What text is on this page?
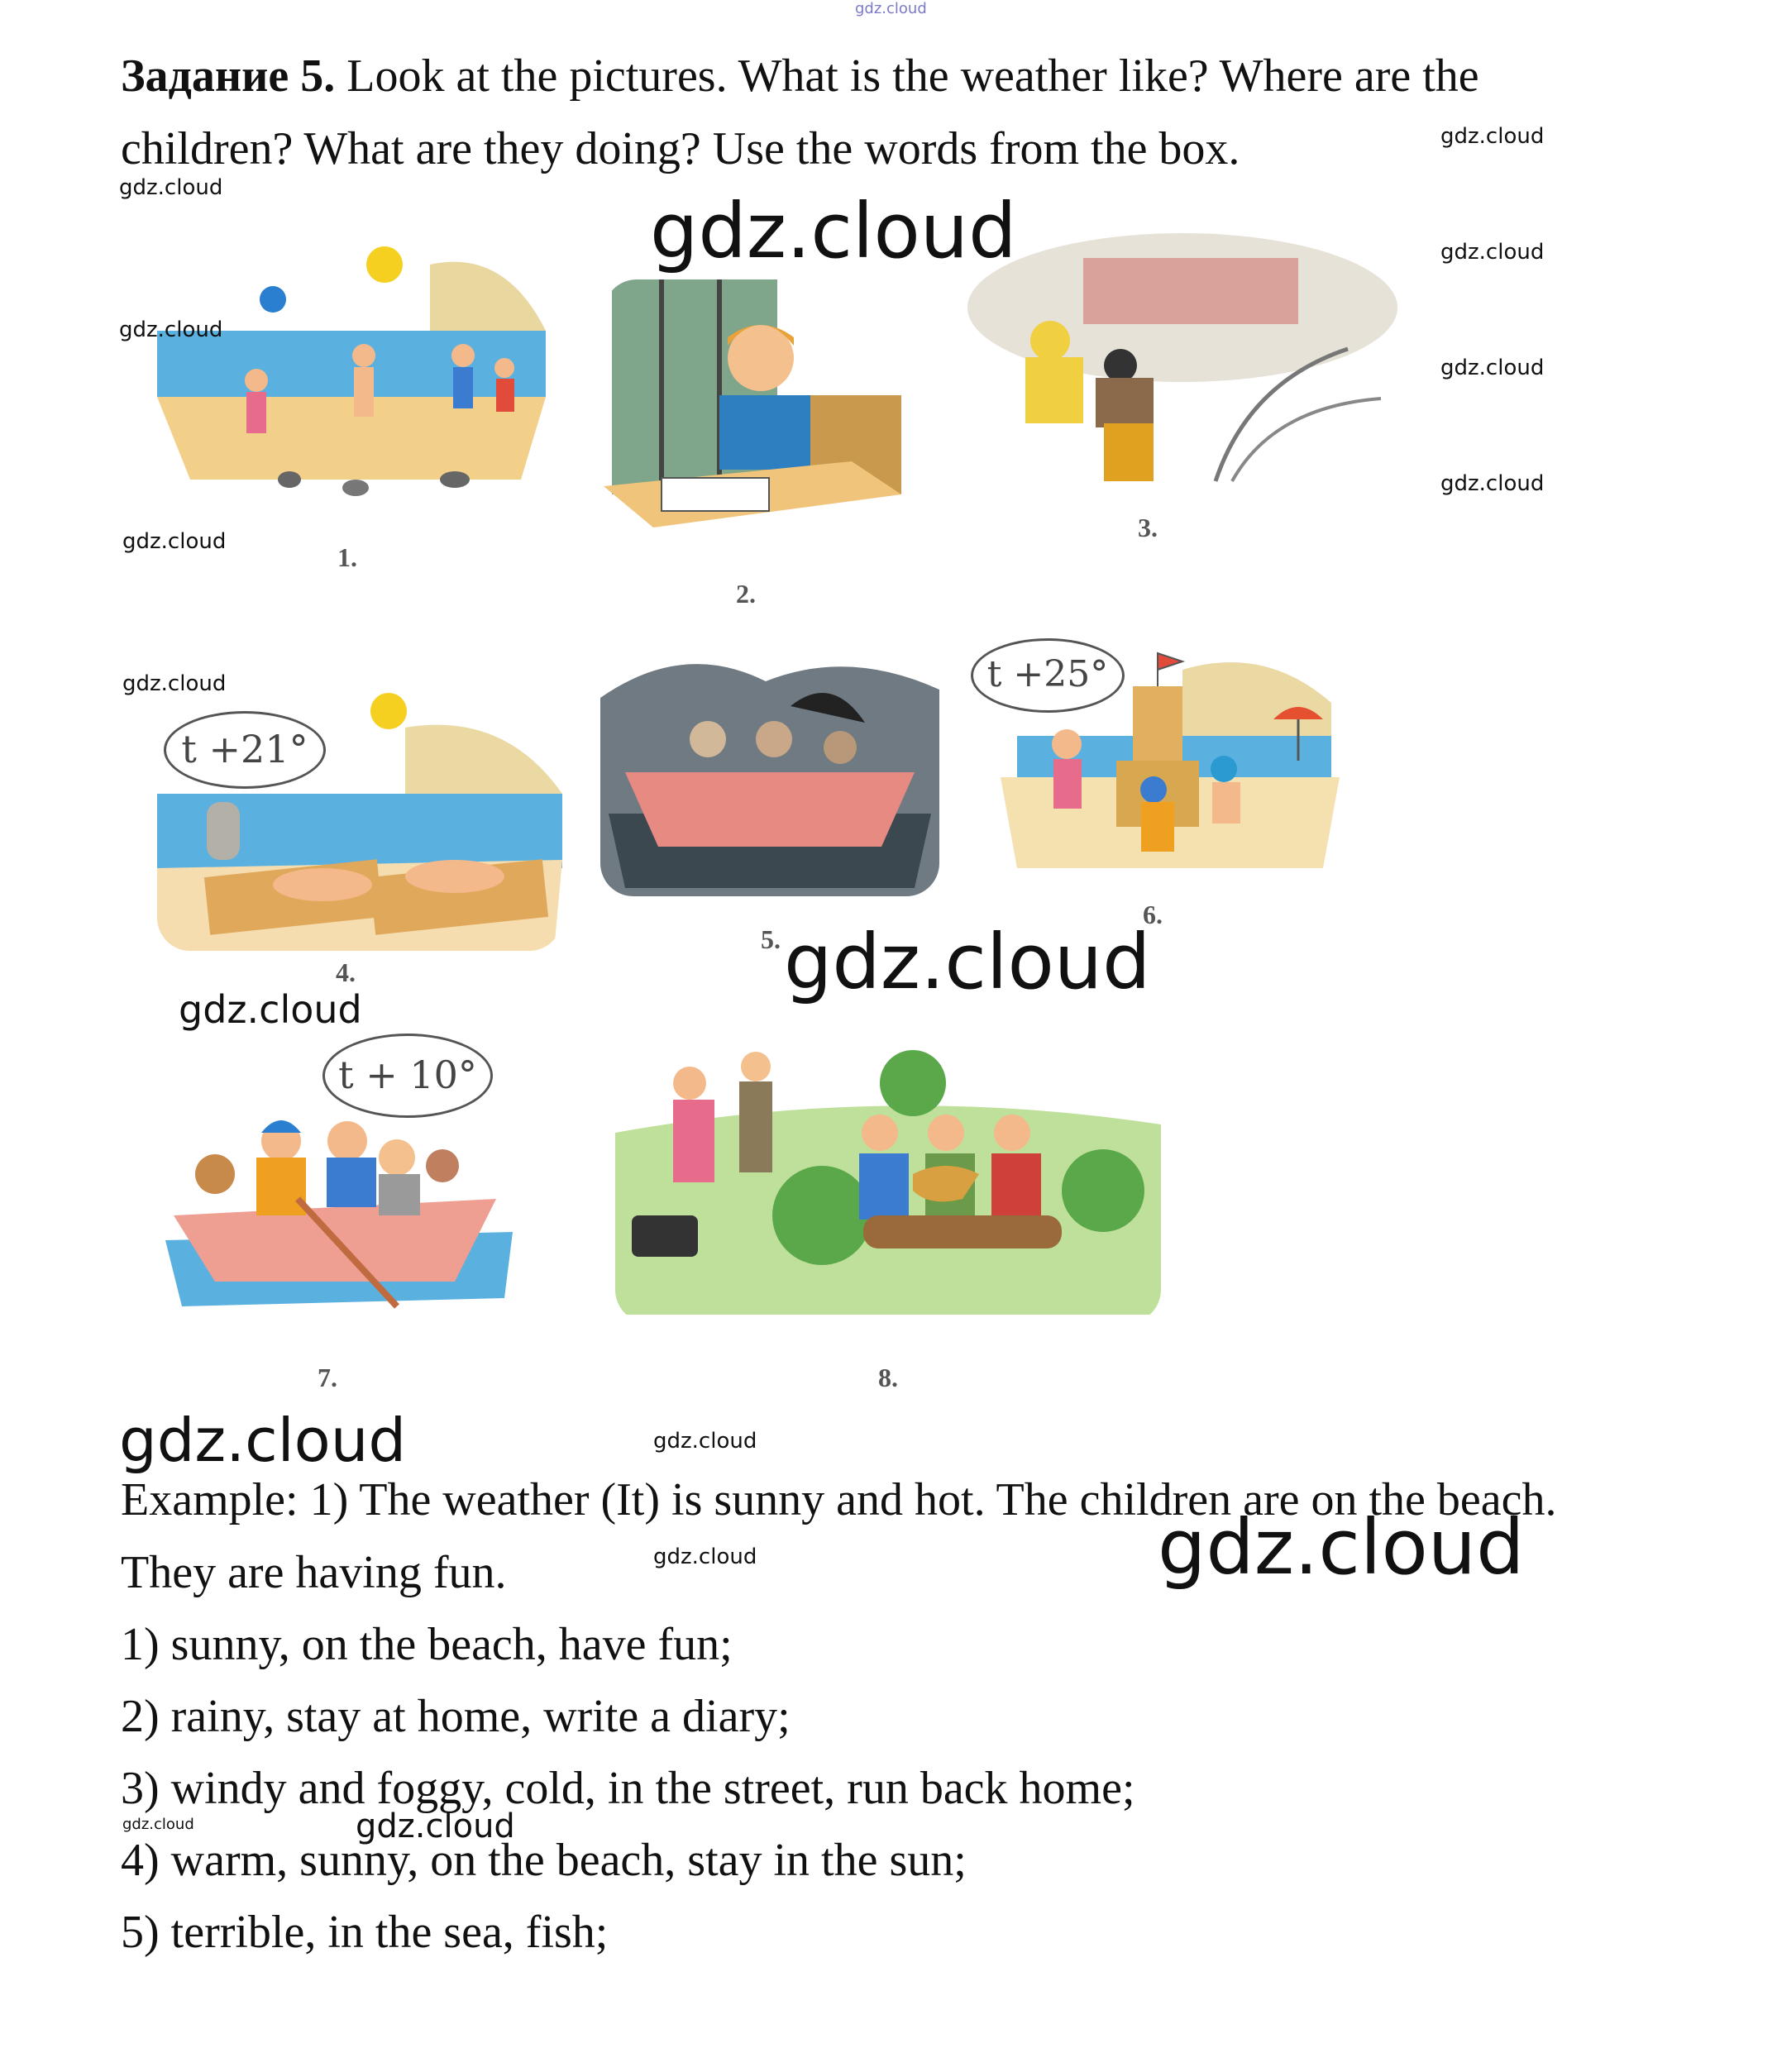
gdz.cloud

Задание 5. Look at the pictures. What is the weather like? Where are the children? What are they doing? Use the words from the box.

1.
2.
3.
t +21°
4.
5.
t +25°
6.
t + 10°
7.	8.

Example: 1) The weather (It) is sunny and hot. The children are on the beach. They are having fun.

1) sunny, on the beach, have fun;
2) rainy, stay at home, write a diary;
3) windy and foggy, cold, in the street, run back home;
4) warm, sunny, on the beach, stay in the sun;
5) terrible, in the sea, fish;
gdz.cloud
gdz.cloud	gdz.cloud	gdz.cloud
gdz.cloud
gdz.cloud
gdz.cloud
gdz.cloud
gdz.cloud
gdz.cloud
gdz.cloud
gdz.cloud	gdz.cloud
gdz.cloud	gdz.cloud
gdz.cloud	gdz.cloud
